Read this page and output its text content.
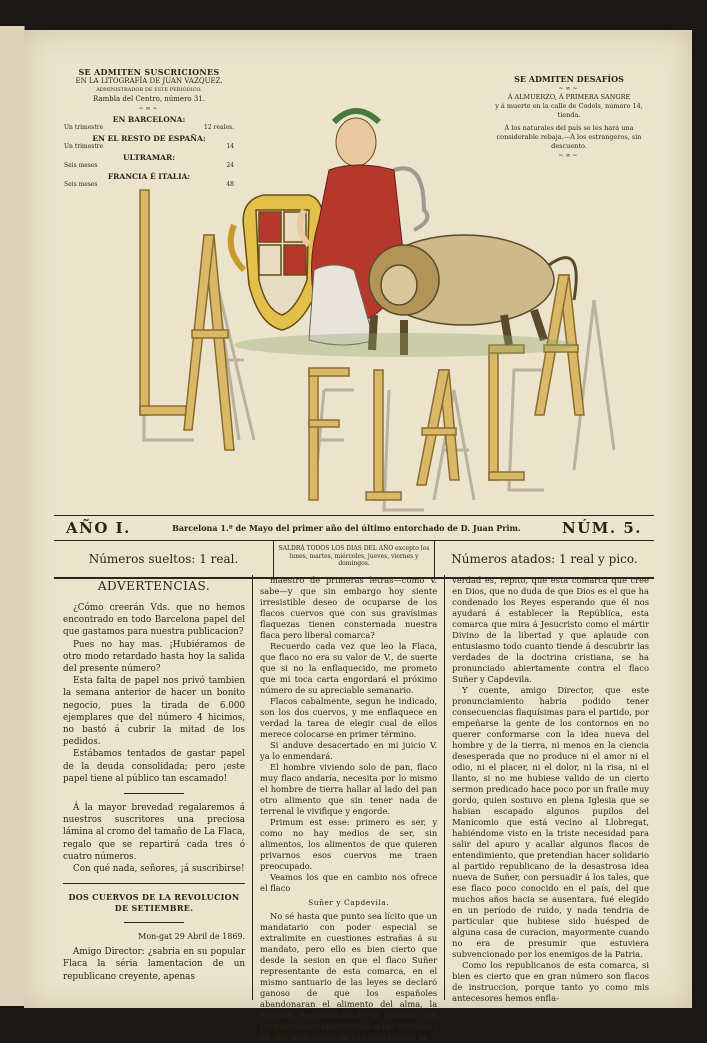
SE ADMITEN SUSCRICIONES
EN LA LITOGRAFÍA DE JUAN VAZQUEZ.
ADMINISTRADOR DE ESTE PERIÓDICO.
Rambla del Centro, número 31.
~∞~
EN BARCELONA:
Un trimestre	12 reales.
EN EL RESTO DE ESPAÑA:
Un trimestre	14
ULTRAMAR:
Seis meses	24
FRANCIA É ITALIA:
Seis meses	48
SE ADMITEN DESAFÍOS
~∞~
Á ALMUERZO, Á PRIMERA SANGRE
y á muerte en la calle de Codols, número 14, tienda.
Á los naturales del país se les hará una considerable rebaja.—Á los estrangeros, sin descuento.
~∞~
AÑO I.	Barcelona 1.º de Mayo del primer año del último entorchado de D. Juan Prim.	NÚM. 5.
Números sueltos: 1 real.
SALDRÁ TODOS LOS DIAS DEL AÑO excepto los lunes, martes, miércoles, jueves, viernes y domingos.	Números atados: 1 real y pico.
ADVERTENCIAS.

¿Cómo creerán Vds. que no hemos encontrado en todo Barcelona papel del que gastamos para nuestra publicacion?

Pues no hay mas. ¡Hubiéramos de otro modo retardado hasta hoy la salida del presente número?

Esta falta de papel nos privó tambien la semana anterior de hacer un bonito negocio, pues la tirada de 6.000 ejemplares que del número 4 hicimos, no bastó á cubrir la mitad de los pedidos.

Estábamos tentados de gastar papel de la deuda consolidada; pero ¡este papel tiene al público tan escamado!

Á la mayor brevedad regalaremos á nuestros suscritores una preciosa lámina al cromo del tamaño de La Flaca, regalo que se repartirá cada tres ó cuatro números.

Con qué nada, señores, ¡á suscribirse!

DOS CUERVOS DE LA REVOLUCION DE SETIEMBRE.
Mon-gat 29 Abril de 1869.

Amigo Director: ¿sabria en su popular Flaca la séria lamentacion de un republicano creyente, apenas

maestro de primeras letras—como V. sabe—y que sin embargo hoy siente irresistible deseo de ocuparse de los flacos cuervos que con sus gravísimas flaquezas tienen consternada nuestra flaca pero liberal comarca?

Recuerdo cada vez que leo la Flaca, que flaco no era su valor de V., de suerte que si no la enflaquecido, me prometo que mi toca carta engordará el próximo número de su apreciable semanario.

Flacos cabalmente, segun he indicado, son los dos cuervos, y me enflaquece en verdad la tarea de elegir cual de ellos merece colocarse en primer término.

Si anduve desacertado en mi juicio V. ya lo enmendará.

El hombre viviendo solo de pan, flaco muy flaco andaría, necesita por lo mismo el hombre de tierra hallar al lado del pan otro alimento que sin tener nada de terrenal le vivifique y engorde.

Primum est esse: primero es ser, y como no hay medios de ser, sin alimentos, los alimentos de que quieren privarnos esos cuervos me traen preocupado.

Veamos los que en cambio nos ofrece el flaco

Suñer y Capdevila.

No sé hasta que punto sea lícito que un mandatario con poder especial se extralimite en cuestiones estrañas á su mandato, pero ello es bien cierto que desde la sesion en que el flaco Suñer representante de esta comarca, en el mismo santuario de las leyes se declaró ganoso de que los españoles abandonaran el alimento del alma, la religion, escandalizando la cámara con proposiciones atentatorias á las creencias de una gran parte de sus mandantes, la

verdad es, repito, que esta comarca que cree en Dios, que no duda de que Dios es el que ha condenado los Reyes esperando que él nos ayudará á establecer la República, esta comarca que mira á Jesucristo como el mártir Divino de la libertad y que aplaude con entusiasmo todo cuanto tiende á descubrir las verdades de la doctrina cristiana, se ha pronunciado abiertamente contra el flaco Suñer y Capdevila.

Y cuente, amigo Director, que este pronunciamiento habria podido tener consecuencias flaquísimas para el partido, por empeñarse la gente de los contornos en no querer conformarse con la idea nueva del hombre y de la tierra, ni menos en la ciencia desesperada que no produce ni el amor ni el odio, ni el placer, ni el dolor, ni la risa, ni el llanto, si no me hubiese valido de un cierto sermon predicado hace poco por un fraile muy gordo, quien sostuvo en plena Iglesia que se habian escapado algunos pupilos del Manicomio que está vecino al Llobregat, habiéndome visto en la triste necesidad para salir del apuro y acallar algunos flacos de entendimiento, que pretendian hacer solidario al partido republicano de la desastrosa idea nueva de Suñer, con persuadir á los tales, que ese flaco poco conocido en el país, del que muchos años hacia se ausentara, fué elegido en un período de ruido, y nada tendria de particular que hubiese sido huésped de alguna casa de curacion, mayormente cuando no era de presumir que estuviera subvencionado por los enemigos de la Patria.

Como los republicanos de esta comarca, si bien es cierto que en gran número son flacos de instruccion, porque tanto yo como mis antecesores hemos enfla-
